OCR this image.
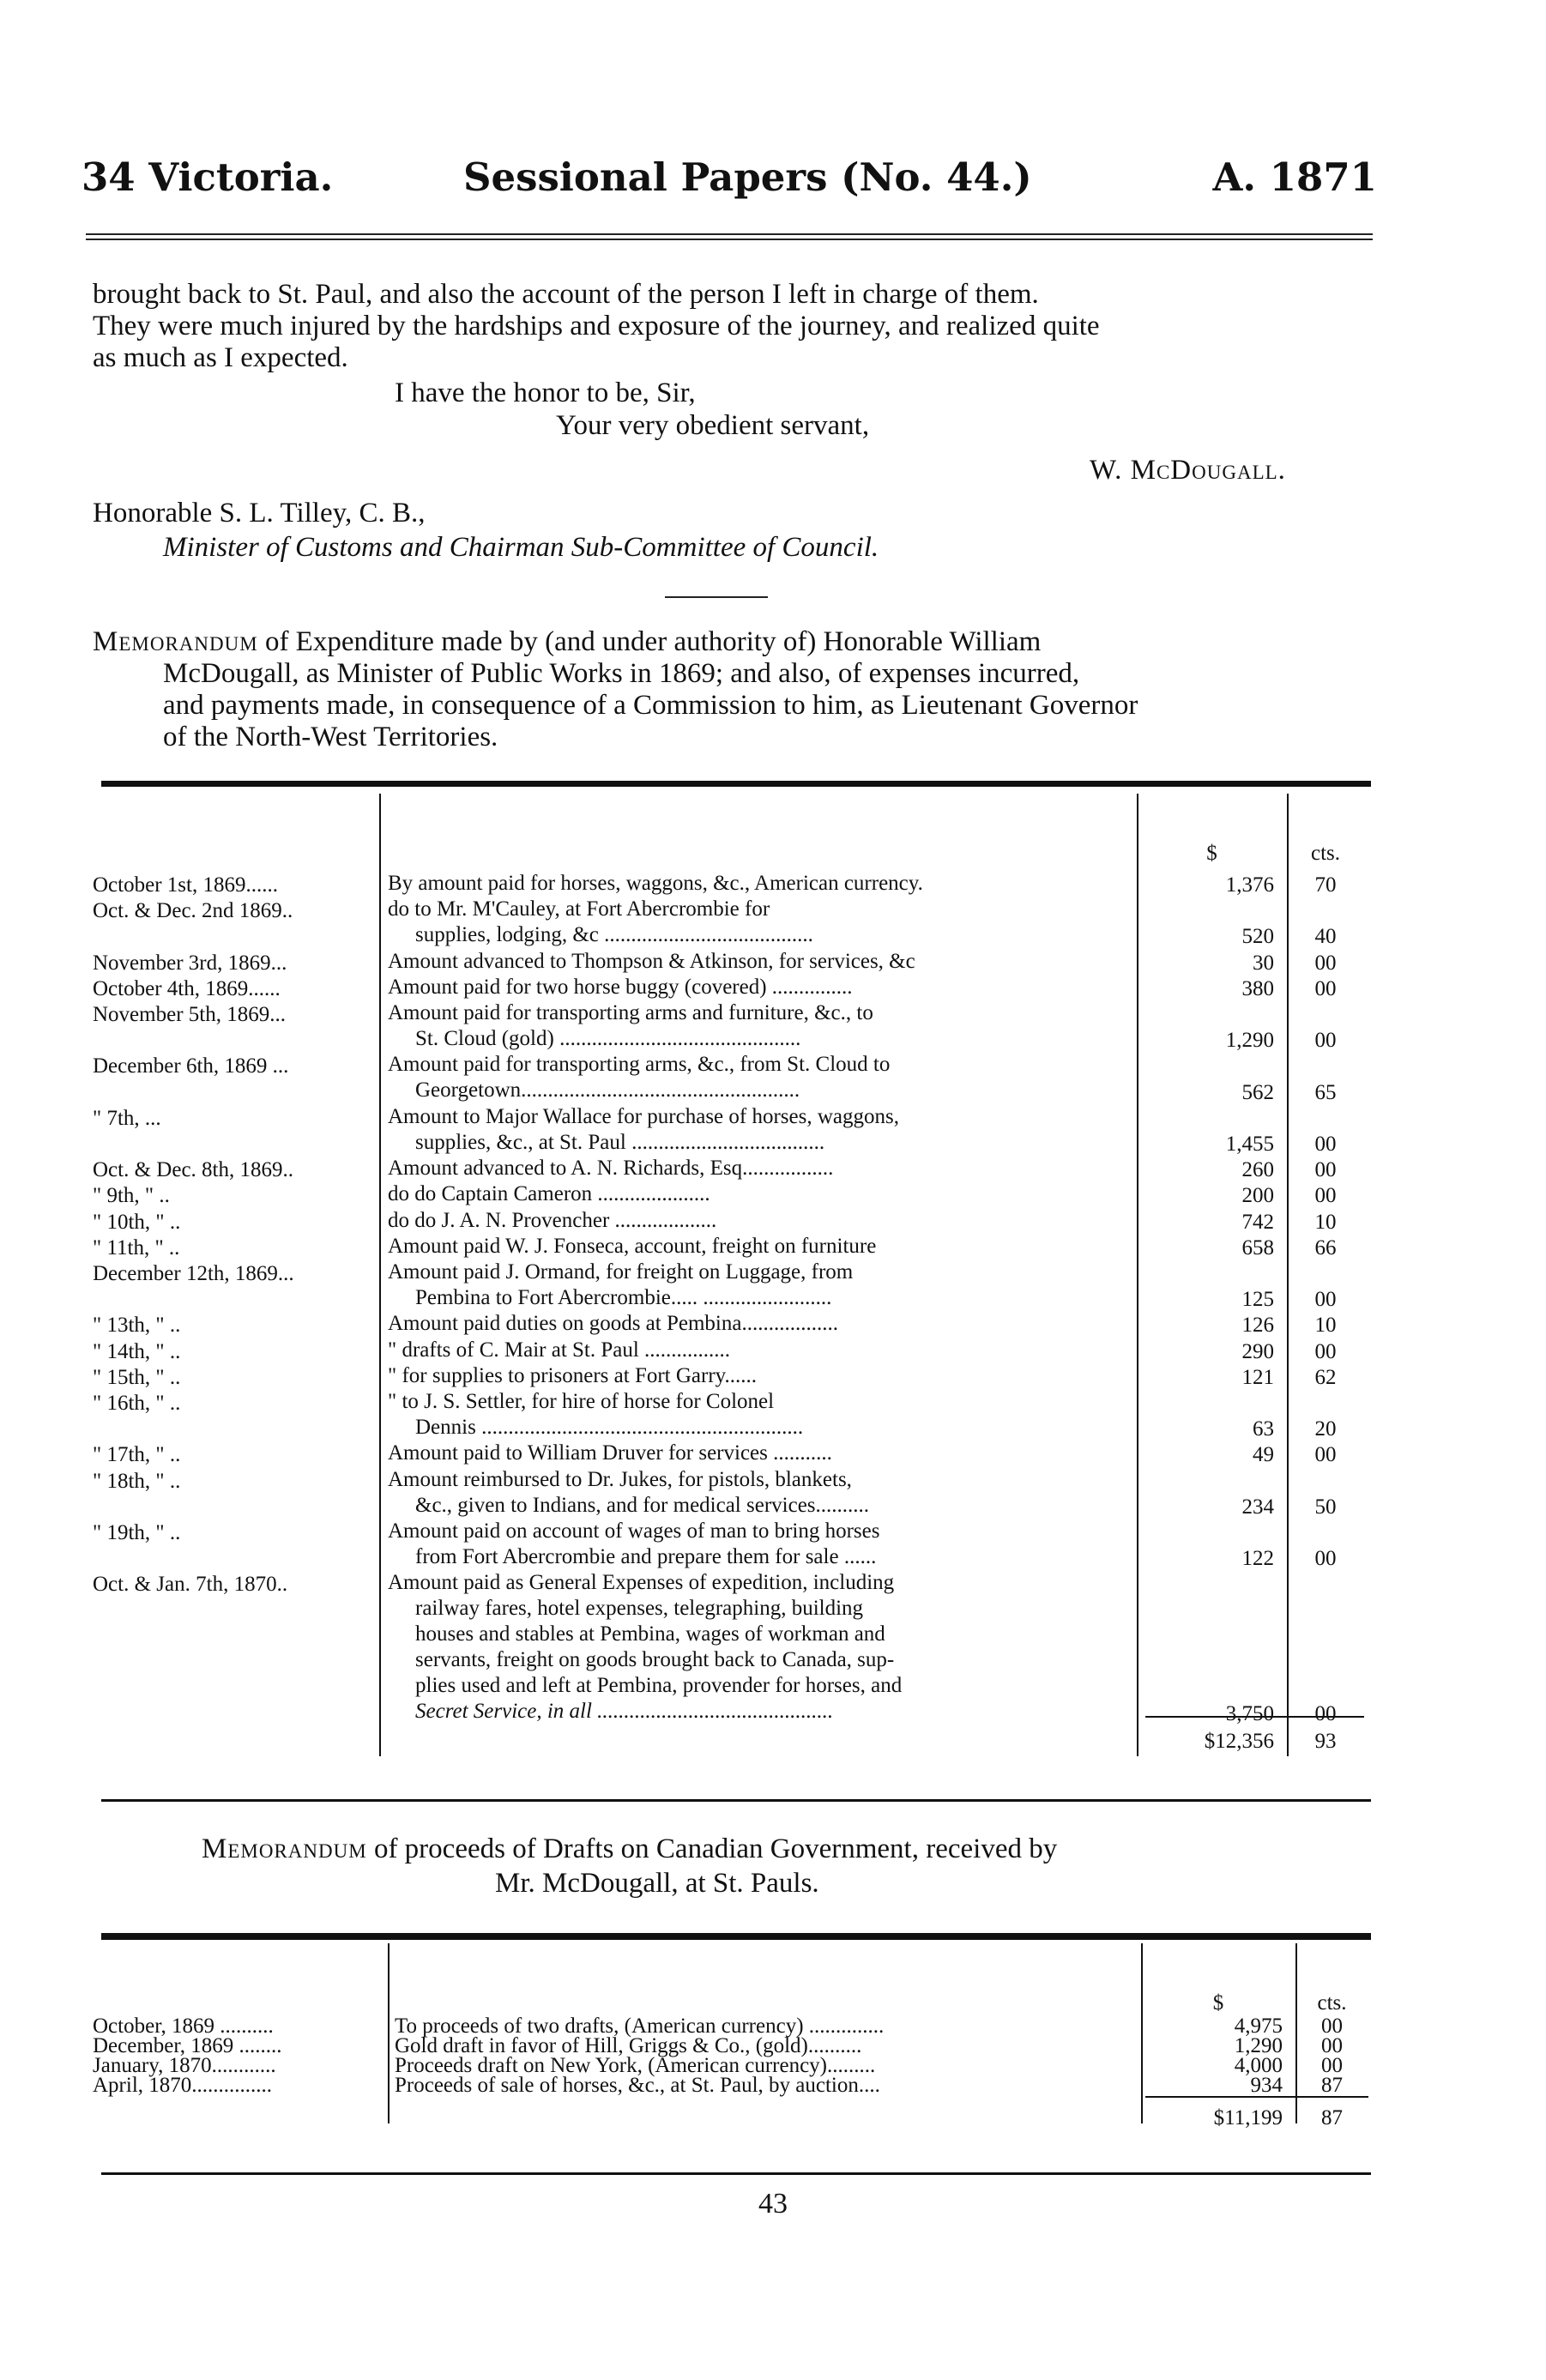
34 Victoria.	Sessional Papers (No. 44.)	A. 1871
brought back to St. Paul, and also the account of the person I left in charge of them.
They were much injured by the hardships and exposure of the journey, and realized quite
as much as I expected.
I have the honor to be, Sir,
Your very obedient servant,
W. McDougall.
Honorable S. L. Tilley, C. B.,
Minister of Customs and Chairman Sub-Committee of Council.
Memorandum of Expenditure made by (and under authority of) Honorable William
McDougall, as Minister of Public Works in 1869; and also, of expenses incurred,
and payments made, in consequence of a Commission to him, as Lieutenant Governor
of the North-West Territories.
$	cts.
October 1st, 1869......	By amount paid for horses, waggons, &c., American currency.	1,376	70
Oct. & Dec. 2nd 1869..	do to Mr. M'Cauley, at Fort Abercrombie for
supplies, lodging, &c .......................................	520	40
November 3rd, 1869...	Amount advanced to Thompson & Atkinson, for services, &c	30	00
October 4th, 1869......	Amount paid for two horse buggy (covered) ...............	380	00
November 5th, 1869...	Amount paid for transporting arms and furniture, &c., to
St. Cloud (gold) .............................................	1,290	00
December 6th, 1869 ...	Amount paid for transporting arms, &c., from St. Cloud to
Georgetown....................................................	562	65
" 7th, ...	Amount to Major Wallace for purchase of horses, waggons,
supplies, &c., at St. Paul ....................................	1,455	00
Oct. & Dec. 8th, 1869..	Amount advanced to A. N. Richards, Esq.................	260	00
" 9th, " ..	do do Captain Cameron .....................	200	00
" 10th, " ..	do do J. A. N. Provencher ...................	742	10
" 11th, " ..	Amount paid W. J. Fonseca, account, freight on furniture	658	66
December 12th, 1869...	Amount paid J. Ormand, for freight on Luggage, from
Pembina to Fort Abercrombie..... ........................	125	00
" 13th, " ..	Amount paid duties on goods at Pembina..................	126	10
" 14th, " ..	" drafts of C. Mair at St. Paul ................	290	00
" 15th, " ..	" for supplies to prisoners at Fort Garry......	121	62
" 16th, " ..	" to J. S. Settler, for hire of horse for Colonel
Dennis ............................................................	63	20
" 17th, " ..	Amount paid to William Druver for services ...........	49	00
" 18th, " ..	Amount reimbursed to Dr. Jukes, for pistols, blankets,
&c., given to Indians, and for medical services..........	234	50
" 19th, " ..	Amount paid on account of wages of man to bring horses
from Fort Abercrombie and prepare them for sale ......	122	00
Oct. & Jan. 7th, 1870..	Amount paid as General Expenses of expedition, including
railway fares, hotel expenses, telegraphing, building
houses and stables at Pembina, wages of workman and
servants, freight on goods brought back to Canada, sup-
plies used and left at Pembina, provender for horses, and
Secret Service, in all ............................................	3,750	00
$12,356	93
Memorandum of proceeds of Drafts on Canadian Government, received by
Mr. McDougall, at St. Pauls.
$	cts.
October, 1869 ..........	To proceeds of two drafts, (American currency) ..............	4,975	00
December, 1869 ........	Gold draft in favor of Hill, Griggs & Co., (gold)..........	1,290	00
January, 1870............	Proceeds draft on New York, (American currency).........	4,000	00
April, 1870...............	Proceeds of sale of horses, &c., at St. Paul, by auction....	934	87
$11,199	87
43
